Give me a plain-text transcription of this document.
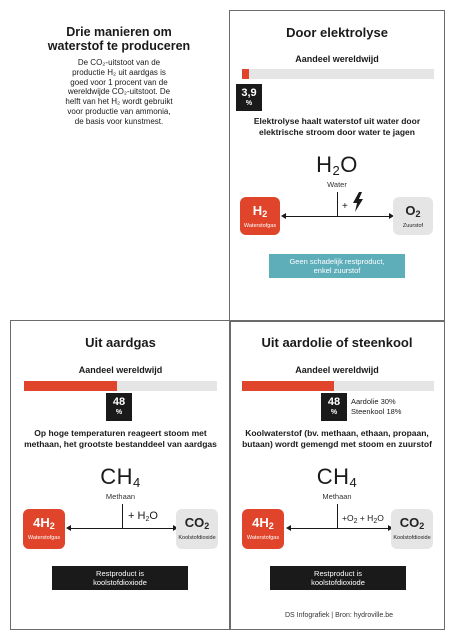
Drie manieren om
waterstof te produceren
De CO₂-uitstoot van de
productie H₂ uit aardgas is
goed voor 1 procent van de
wereldwijde CO₂-uitstoot. De
helft van het H₂ wordt gebruikt
voor productie van ammonia,
de basis voor kunstmest.
Door elektrolyse
Aandeel wereldwijd
3,9
%
Elektrolyse haalt waterstof uit water door
elektrische stroom door water te jagen
$H_2O$
Water
+
$H_2$
Waterstofgas
$O_2$
Zuurstof
Geen schadelijk restproduct,
enkel zuurstof
Uit aardgas
Aandeel wereldwijd
48
%
Op hoge temperaturen reageert stoom met
methaan, het grootste bestanddeel van aardgas
$CH_4$
Methaan
+ $H_2O$
$4H_2$
Waterstofgas
$CO_2$
Koolstofdioxide
Restproduct is
koolstofdioxiode
Uit aardolie of steenkool
Aandeel wereldwijd
48
%
Aardolie 30%
Steenkool 18%
Koolwaterstof (bv. methaan, ethaan, propaan,
butaan) wordt gemengd met stoom en zuurstof
$CH_4$
Methaan
$+O_2 + H_2O$
$4H_2$
Waterstofgas
$CO_2$
Koolstofdioxide
Restproduct is
koolstofdioxiode
DS Infografiek | Bron: hydroville.be
